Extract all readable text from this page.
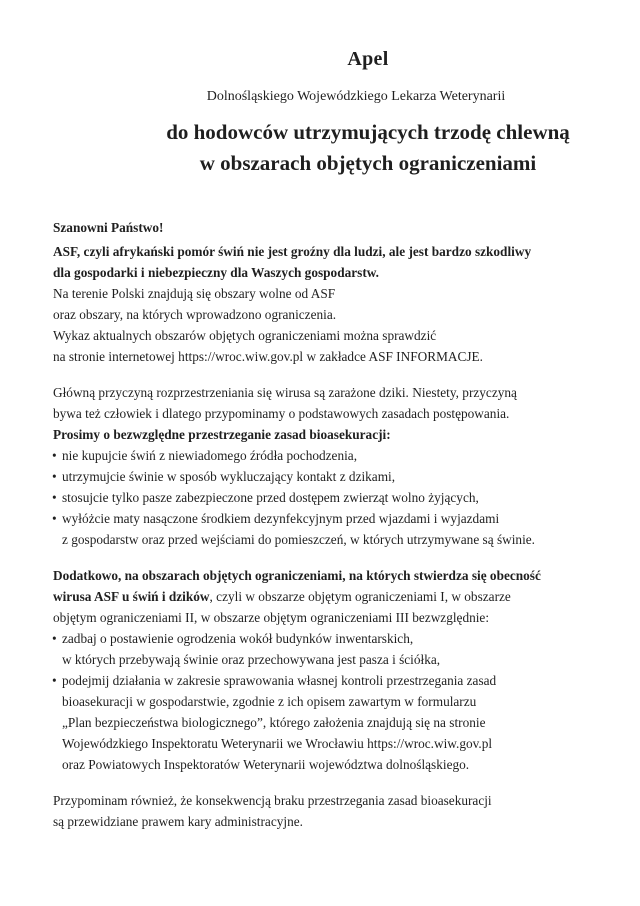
Apel
Dolnośląskiego Wojewódzkiego Lekarza Weterynarii
do hodowców utrzymujących trzodę chlewną
w obszarach objętych ograniczeniami

Szanowni Państwo!

ASF, czyli afrykański pomór świń nie jest groźny dla ludzi, ale jest bardzo szkodliwy

dla gospodarki i niebezpieczny dla Waszych gospodarstw.

Na terenie Polski znajdują się obszary wolne od ASF

oraz obszary, na których wprowadzono ograniczenia.

Wykaz aktualnych obszarów objętych ograniczeniami można sprawdzić

na stronie internetowej https://wroc.wiw.gov.pl w zakładce ASF INFORMACJE.

Główną przyczyną rozprzestrzeniania się wirusa są zarażone dziki. Niestety, przyczyną

bywa też człowiek i dlatego przypominamy o podstawowych zasadach postępowania.

Prosimy o bezwzględne przestrzeganie zasad bioasekuracji:

• nie kupujcie świń z niewiadomego źródła pochodzenia,
• utrzymujcie świnie w sposób wykluczający kontakt z dzikami,
• stosujcie tylko pasze zabezpieczone przed dostępem zwierząt wolno żyjących,
• wyłóżcie maty nasączone środkiem dezynfekcyjnym przed wjazdami i wyjazdami

z gospodarstw oraz przed wejściami do pomieszczeń, w których utrzymywane są świnie.

Dodatkowo, na obszarach objętych ograniczeniami, na których stwierdza się obecność

wirusa ASF u świń i dzików, czyli w obszarze objętym ograniczeniami I, w obszarze

objętym ograniczeniami II, w obszarze objętym ograniczeniami III bezwzględnie:

• zadbaj o postawienie ogrodzenia wokół budynków inwentarskich,
w których przebywają świnie oraz przechowywana jest pasza i ściółka,
• podejmij działania w zakresie sprawowania własnej kontroli przestrzegania zasad
bioasekuracji w gospodarstwie, zgodnie z ich opisem zawartym w formularzu
„Plan bezpieczeństwa biologicznego”, którego założenia znajdują się na stronie
Wojewódzkiego Inspektoratu Weterynarii we Wrocławiu https://wroc.wiw.gov.pl
oraz Powiatowych Inspektoratów Weterynarii województwa dolnośląskiego.

Przypominam również, że konsekwencją braku przestrzegania zasad bioasekuracji

są przewidziane prawem kary administracyjne.
